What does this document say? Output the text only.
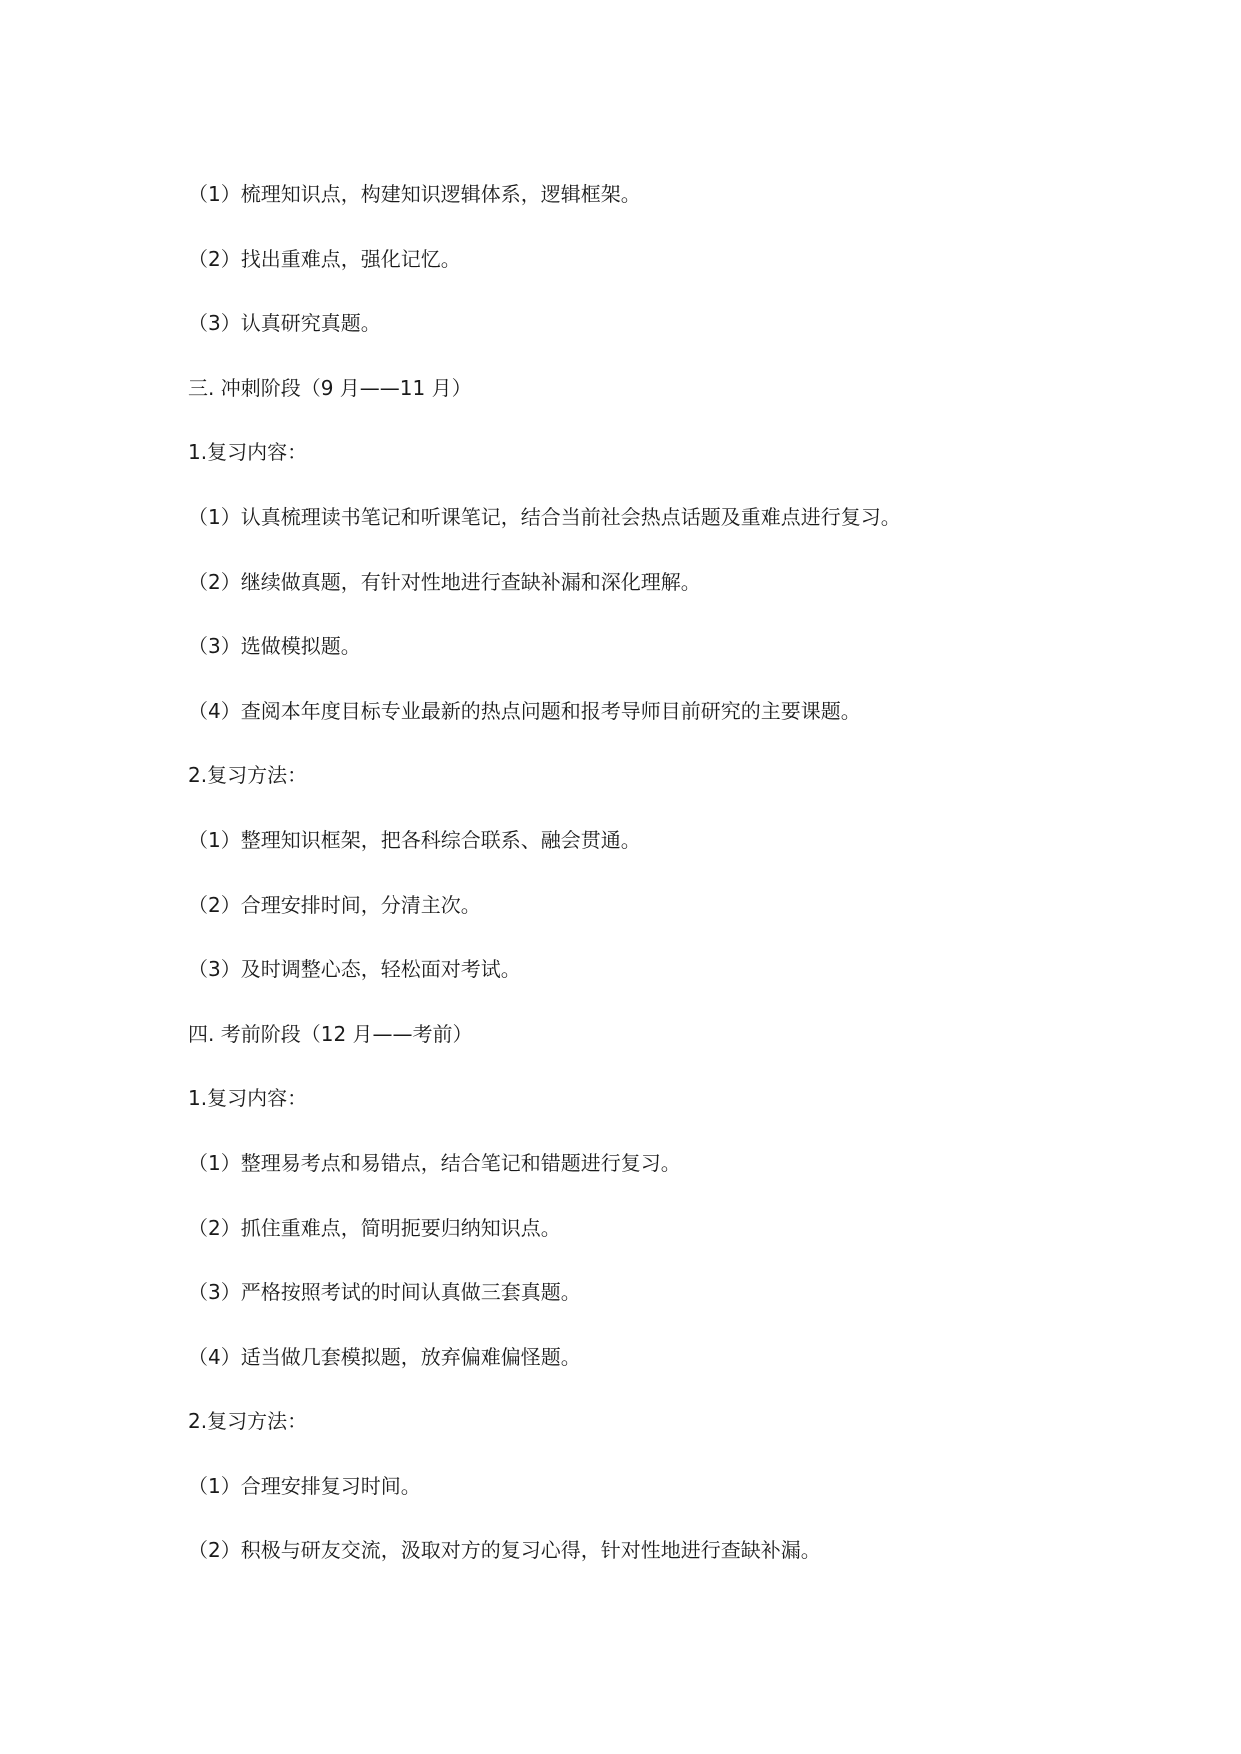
（1）梳理知识点，构建知识逻辑体系，逻辑框架。
（2）找出重难点，强化记忆。
（3）认真研究真题。
三. 冲刺阶段（9 月——11 月）
1.复习内容：
（1）认真梳理读书笔记和听课笔记，结合当前社会热点话题及重难点进行复习。
（2）继续做真题，有针对性地进行查缺补漏和深化理解。
（3）选做模拟题。
（4）查阅本年度目标专业最新的热点问题和报考导师目前研究的主要课题。
2.复习方法：
（1）整理知识框架，把各科综合联系、融会贯通。
（2）合理安排时间，分清主次。
（3）及时调整心态，轻松面对考试。
四. 考前阶段（12 月——考前）
1.复习内容：
（1）整理易考点和易错点，结合笔记和错题进行复习。
（2）抓住重难点，简明扼要归纳知识点。
（3）严格按照考试的时间认真做三套真题。
（4）适当做几套模拟题，放弃偏难偏怪题。
2.复习方法：
（1）合理安排复习时间。
（2）积极与研友交流，汲取对方的复习心得，针对性地进行查缺补漏。
